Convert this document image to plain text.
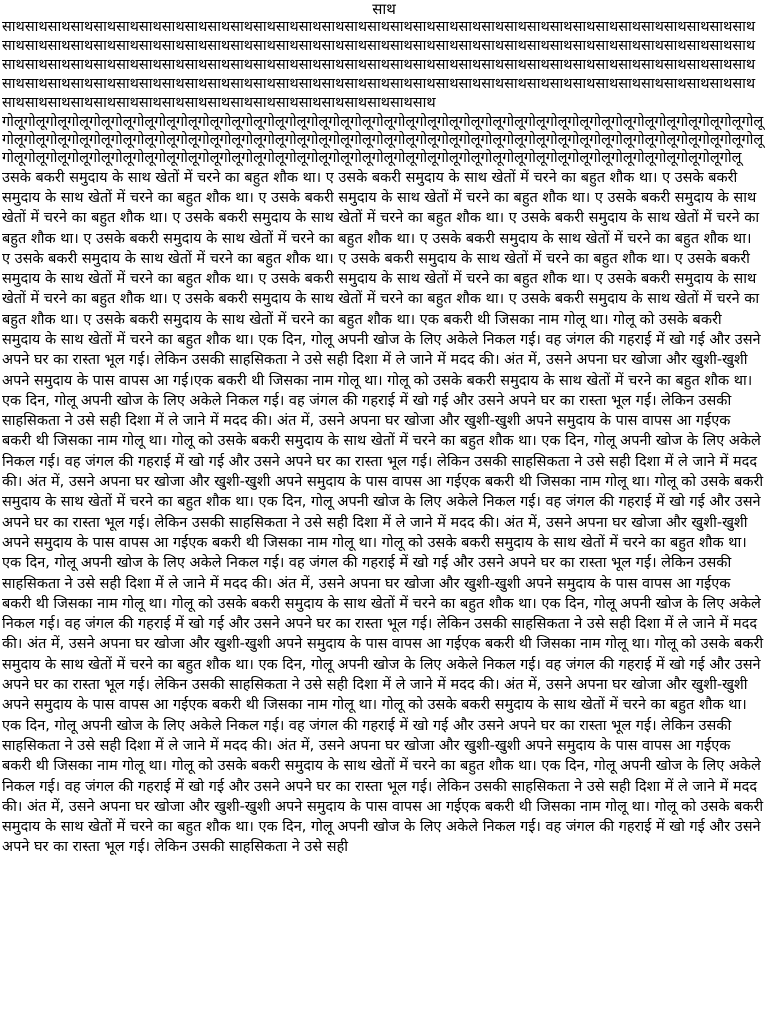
साथ
साथसाथसाथसाथसाथसाथसाथसाथसाथसाथसाथसाथसाथसाथसाथसाथसाथसाथसाथसाथसाथसाथसाथसाथसाथसाथसाथसाथसाथसाथसाथसाथसाथसाथसाथसाथसाथसाथसाथसाथसाथसाथसाथसाथसाथसाथसाथसाथसाथसाथसाथसाथसाथसाथसाथसाथसाथसाथसाथसाथसाथसाथसाथसाथसाथसाथसाथसाथसाथसाथसाथसाथसाथसाथसाथसाथसाथसाथसाथसाथसाथसाथसाथसाथसाथसाथसाथसाथसाथसाथसाथसाथसाथसाथसाथसाथसाथसाथसाथसाथसाथसाथसाथसाथसाथसाथसाथसाथसाथसाथसाथसाथसाथसाथसाथसाथसाथसाथसाथसाथसाथसाथसाथसाथसाथसाथसाथसाथसाथसाथसाथसाथसाथसाथसाथसाथसाथसाथसाथसाथसाथसाथसाथसाथसाथसाथसाथसाथसाथसाथसाथ
गोलूगोलूगोलूगोलूगोलूगोलूगोलूगोलूगोलूगोलूगोलूगोलूगोलूगोलूगोलूगोलूगोलूगोलूगोलूगोलूगोलूगोलूगोलूगोलूगोलूगोलूगोलूगोलूगोलूगोलूगोलूगोलूगोलूगोलूगोलूगोलूगोलूगोलूगोलूगोलूगोलूगोलूगोलूगोलूगोलूगोलूगोलूगोलूगोलूगोलूगोलूगोलूगोलूगोलूगोलूगोलूगोलूगोलूगोलूगोलूगोलूगोलूगोलूगोलूगोलूगोलूगोलूगोलूगोलूगोलूगोलूगोलूगोलूगोलूगोलूगोलूगोलूगोलूगोलूगोलूगोलूगोलूगोलूगोलूगोलूगोलूगोलूगोलूगोलूगोलूगोलूगोलूगोलूगोलूगोलूगोलूगोलूगोलूगोलूगोलूगोलूगोलूगोलूगोलू
उसके बकरी समुदाय के साथ खेतों में चरने का बहुत शौक था। ए उसके बकरी समुदाय के साथ खेतों में चरने का बहुत शौक था। ए उसके बकरी समुदाय के साथ खेतों में चरने का बहुत शौक था। ए उसके बकरी समुदाय के साथ खेतों में चरने का बहुत शौक था। ए उसके बकरी समुदाय के साथ खेतों में चरने का बहुत शौक था। ए उसके बकरी समुदाय के साथ खेतों में चरने का बहुत शौक था। ए उसके बकरी समुदाय के साथ खेतों में चरने का बहुत शौक था। ए उसके बकरी समुदाय के साथ खेतों में चरने का बहुत शौक था। ए उसके बकरी समुदाय के साथ खेतों में चरने का बहुत शौक था। ए उसके बकरी समुदाय के साथ खेतों में चरने का बहुत शौक था। ए उसके बकरी समुदाय के साथ खेतों में चरने का बहुत शौक था। ए उसके बकरी समुदाय के साथ खेतों में चरने का बहुत शौक था। ए उसके बकरी समुदाय के साथ खेतों में चरने का बहुत शौक था। ए उसके बकरी समुदाय के साथ खेतों में चरने का बहुत शौक था। ए उसके बकरी समुदाय के साथ खेतों में चरने का बहुत शौक था। ए उसके बकरी समुदाय के साथ खेतों में चरने का बहुत शौक था। ए उसके बकरी समुदाय के साथ खेतों में चरने का बहुत शौक था। एक बकरी थी जिसका नाम गोलू था। गोलू को उसके बकरी समुदाय के साथ खेतों में चरने का बहुत शौक था। एक दिन, गोलू अपनी खोज के लिए अकेले निकल गई। वह जंगल की गहराई में खो गई और उसने अपने घर का रास्ता भूल गई। लेकिन उसकी साहसिकता ने उसे सही दिशा में ले जाने में मदद की। अंत में, उसने अपना घर खोजा और खुशी-खुशी अपने समुदाय के पास वापस आ गई।एक बकरी थी जिसका नाम गोलू था। गोलू को उसके बकरी समुदाय के साथ खेतों में चरने का बहुत शौक था। एक दिन, गोलू अपनी खोज के लिए अकेले निकल गई। वह जंगल की गहराई में खो गई और उसने अपने घर का रास्ता भूल गई। लेकिन उसकी साहसिकता ने उसे सही दिशा में ले जाने में मदद की। अंत में, उसने अपना घर खोजा और खुशी-खुशी अपने समुदाय के पास वापस आ गईएक बकरी थी जिसका नाम गोलू था। गोलू को उसके बकरी समुदाय के साथ खेतों में चरने का बहुत शौक था। एक दिन, गोलू अपनी खोज के लिए अकेले निकल गई। वह जंगल की गहराई में खो गई और उसने अपने घर का रास्ता भूल गई। लेकिन उसकी साहसिकता ने उसे सही दिशा में ले जाने में मदद की। अंत में, उसने अपना घर खोजा और खुशी-खुशी अपने समुदाय के पास वापस आ गईएक बकरी थी जिसका नाम गोलू था। गोलू को उसके बकरी समुदाय के साथ खेतों में चरने का बहुत शौक था। एक दिन, गोलू अपनी खोज के लिए अकेले निकल गई। वह जंगल की गहराई में खो गई और उसने अपने घर का रास्ता भूल गई। लेकिन उसकी साहसिकता ने उसे सही दिशा में ले जाने में मदद की। अंत में, उसने अपना घर खोजा और खुशी-खुशी अपने समुदाय के पास वापस आ गईएक बकरी थी जिसका नाम गोलू था। गोलू को उसके बकरी समुदाय के साथ खेतों में चरने का बहुत शौक था। एक दिन, गोलू अपनी खोज के लिए अकेले निकल गई। वह जंगल की गहराई में खो गई और उसने अपने घर का रास्ता भूल गई। लेकिन उसकी साहसिकता ने उसे सही दिशा में ले जाने में मदद की। अंत में, उसने अपना घर खोजा और खुशी-खुशी अपने समुदाय के पास वापस आ गईएक बकरी थी जिसका नाम गोलू था। गोलू को उसके बकरी समुदाय के साथ खेतों में चरने का बहुत शौक था। एक दिन, गोलू अपनी खोज के लिए अकेले निकल गई। वह जंगल की गहराई में खो गई और उसने अपने घर का रास्ता भूल गई। लेकिन उसकी साहसिकता ने उसे सही दिशा में ले जाने में मदद की। अंत में, उसने अपना घर खोजा और खुशी-खुशी अपने समुदाय के पास वापस आ गईएक बकरी थी जिसका नाम गोलू था। गोलू को उसके बकरी समुदाय के साथ खेतों में चरने का बहुत शौक था। एक दिन, गोलू अपनी खोज के लिए अकेले निकल गई। वह जंगल की गहराई में खो गई और उसने अपने घर का रास्ता भूल गई। लेकिन उसकी साहसिकता ने उसे सही दिशा में ले जाने में मदद की। अंत में, उसने अपना घर खोजा और खुशी-खुशी अपने समुदाय के पास वापस आ गईएक बकरी थी जिसका नाम गोलू था। गोलू को उसके बकरी समुदाय के साथ खेतों में चरने का बहुत शौक था। एक दिन, गोलू अपनी खोज के लिए अकेले निकल गई। वह जंगल की गहराई में खो गई और उसने अपने घर का रास्ता भूल गई। लेकिन उसकी साहसिकता ने उसे सही दिशा में ले जाने में मदद की। अंत में, उसने अपना घर खोजा और खुशी-खुशी अपने समुदाय के पास वापस आ गईएक बकरी थी जिसका नाम गोलू था। गोलू को उसके बकरी समुदाय के साथ खेतों में चरने का बहुत शौक था। एक दिन, गोलू अपनी खोज के लिए अकेले निकल गई। वह जंगल की गहराई में खो गई और उसने अपने घर का रास्ता भूल गई। लेकिन उसकी साहसिकता ने उसे सही दिशा में ले जाने में मदद की। अंत में, उसने अपना घर खोजा और खुशी-खुशी अपने समुदाय के पास वापस आ गईएक बकरी थी जिसका नाम गोलू था। गोलू को उसके बकरी समुदाय के साथ खेतों में चरने का बहुत शौक था। एक दिन, गोलू अपनी खोज के लिए अकेले निकल गई। वह जंगल की गहराई में खो गई और उसने अपने घर का रास्ता भूल गई। लेकिन उसकी साहसिकता ने उसे सही
